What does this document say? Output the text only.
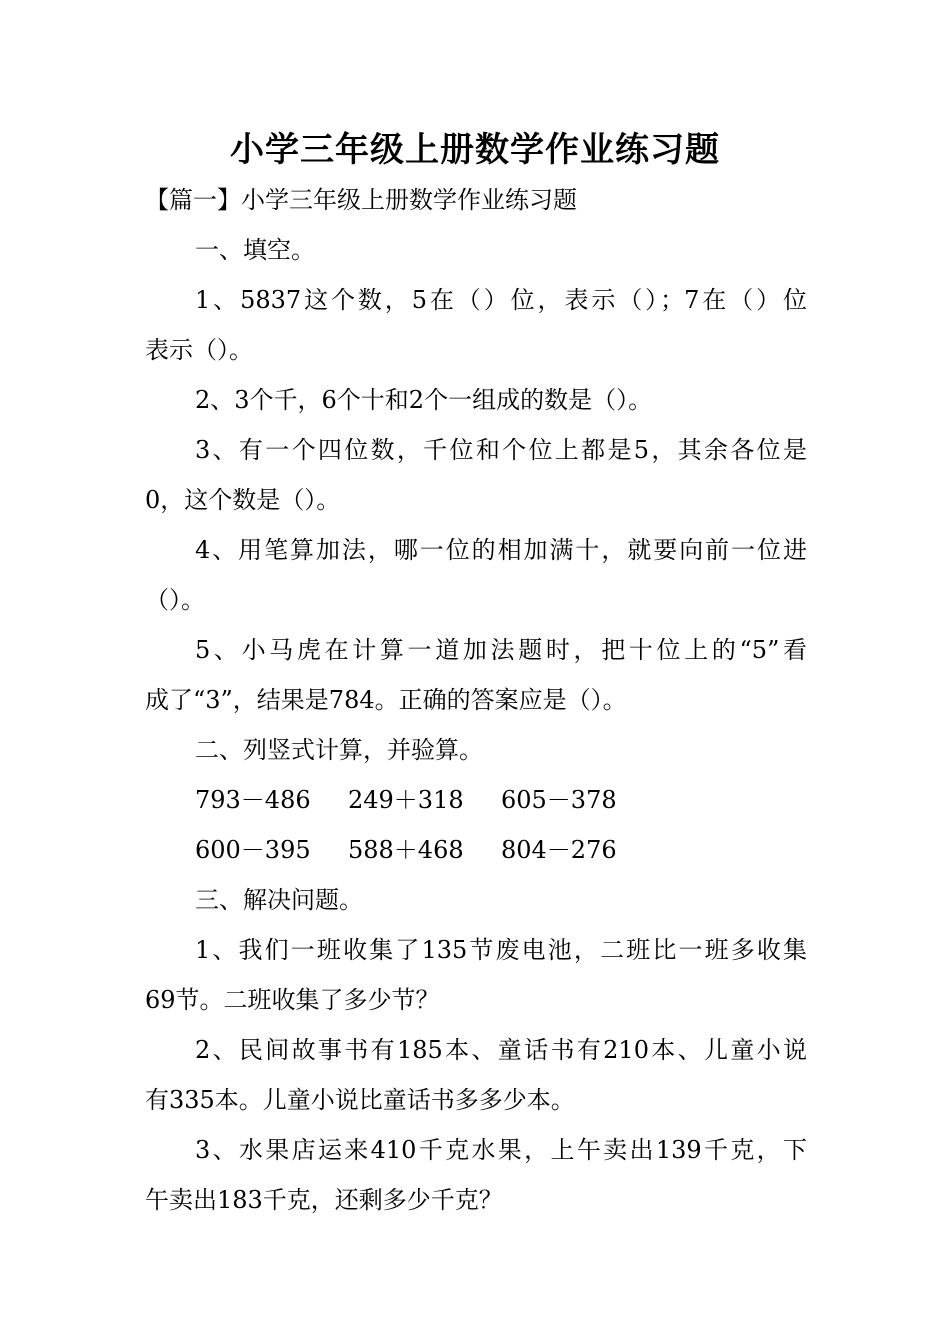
小学三年级上册数学作业练习题

【篇一】小学三年级上册数学作业练习题

一、填空。

1、5837这个数，5在（）位，表示（）；7在（）位

表示（）。

2、3个千，6个十和2个一组成的数是（）。

3、有一个四位数，千位和个位上都是5，其余各位是

0，这个数是（）。

4、用笔算加法，哪一位的相加满十，就要向前一位进

（）。

5、小马虎在计算一道加法题时，把十位上的“5”看

成了“3”，结果是784。正确的答案应是（）。

二、列竖式计算，并验算。

793－486 249＋318 605－378

600－395 588＋468 804－276

三、解决问题。

1、我们一班收集了135节废电池，二班比一班多收集

69节。二班收集了多少节？

2、民间故事书有185本、童话书有210本、儿童小说

有335本。儿童小说比童话书多多少本。

3、水果店运来410千克水果，上午卖出139千克，下

午卖出183千克，还剩多少千克？
